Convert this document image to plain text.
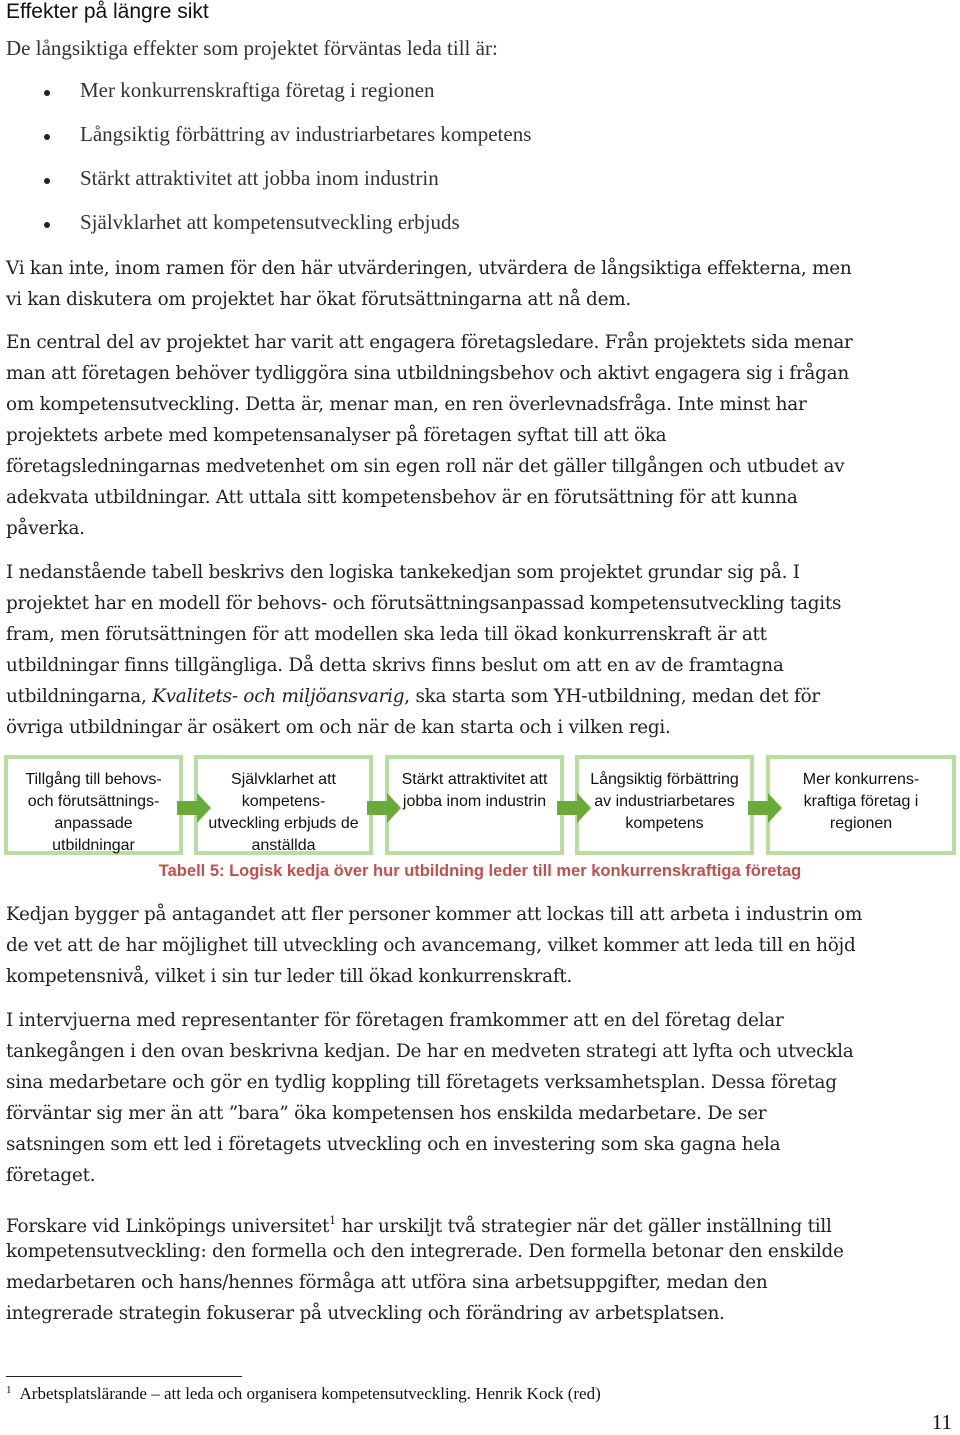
Effekter på längre sikt
De långsiktiga effekter som projektet förväntas leda till är:
Mer konkurrenskraftiga företag i regionen
Långsiktig förbättring av industriarbetares kompetens
Stärkt attraktivitet att jobba inom industrin
Självklarhet att kompetensutveckling erbjuds
Vi kan inte, inom ramen för den här utvärderingen, utvärdera de långsiktiga effekterna, men
vi kan diskutera om projektet har ökat förutsättningarna att nå dem.
En central del av projektet har varit att engagera företagsledare. Från projektets sida menar
man att företagen behöver tydliggöra sina utbildningsbehov och aktivt engagera sig i frågan
om kompetensutveckling. Detta är, menar man, en ren överlevnadsfråga. Inte minst har
projektets arbete med kompetensanalyser på företagen syftat till att öka
företagsledningarnas medvetenhet om sin egen roll när det gäller tillgången och utbudet av
adekvata utbildningar. Att uttala sitt kompetensbehov är en förutsättning för att kunna
påverka.
I nedanstående tabell beskrivs den logiska tankekedjan som projektet grundar sig på. I
projektet har en modell för behovs- och förutsättningsanpassad kompetensutveckling tagits
fram, men förutsättningen för att modellen ska leda till ökad konkurrenskraft är att
utbildningar finns tillgängliga. Då detta skrivs finns beslut om att en av de framtagna
utbildningarna, Kvalitets- och miljöansvarig, ska starta som YH-utbildning, medan det för
övriga utbildningar är osäkert om och när de kan starta och i vilken regi.
Tillgång till behovs-
och förutsättnings-
anpassade
utbildningar
Självklarhet att
kompetens-
utveckling erbjuds de
anställda
Stärkt attraktivitet att
jobba inom industrin
Långsiktig förbättring
av industriarbetares
kompetens
Mer konkurrens-
kraftiga företag i
regionen
Tabell 5: Logisk kedja över hur utbildning leder till mer konkurrenskraftiga företag
Kedjan bygger på antagandet att fler personer kommer att lockas till att arbeta i industrin om
de vet att de har möjlighet till utveckling och avancemang, vilket kommer att leda till en höjd
kompetensnivå, vilket i sin tur leder till ökad konkurrenskraft.
I intervjuerna med representanter för företagen framkommer att en del företag delar
tankegången i den ovan beskrivna kedjan. De har en medveten strategi att lyfta och utveckla
sina medarbetare och gör en tydlig koppling till företagets verksamhetsplan. Dessa företag
förväntar sig mer än att ”bara” öka kompetensen hos enskilda medarbetare. De ser
satsningen som ett led i företagets utveckling och en investering som ska gagna hela
företaget.
Forskare vid Linköpings universitet$^1$ har urskiljt två strategier när det gäller inställning till
kompetensutveckling: den formella och den integrerade. Den formella betonar den enskilde
medarbetaren och hans/hennes förmåga att utföra sina arbetsuppgifter, medan den
integrerade strategin fokuserar på utveckling och förändring av arbetsplatsen.
$^1$ Arbetsplatslärande – att leda och organisera kompetensutveckling. Henrik Kock (red)
11
